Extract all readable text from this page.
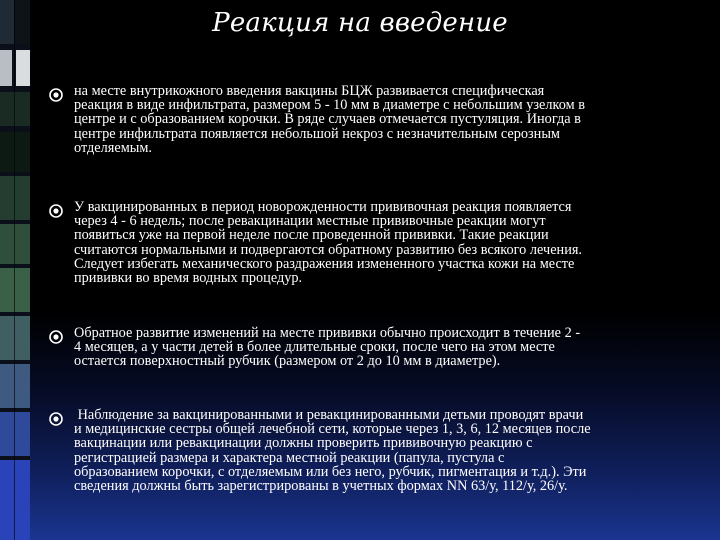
Реакция на введение
на месте внутрикожного введения вакцины БЦЖ развивается специфическая
реакция в виде инфильтрата, размером 5 - 10 мм в диаметре с небольшим узелком в
центре и с образованием корочки. В ряде случаев отмечается пустуляция. Иногда в
центре инфильтрата появляется небольшой некроз с незначительным серозным
отделяемым.
У вакцинированных в период новорожденности прививочная реакция появляется
через 4 - 6 недель; после ревакцинации местные прививочные реакции могут
появиться уже на первой неделе после проведенной прививки. Такие реакции
считаются нормальными и подвергаются обратному развитию без всякого лечения.
Следует избегать механического раздражения измененного участка кожи на месте
прививки во время водных процедур.
Обратное развитие изменений на месте прививки обычно происходит в течение 2 -
4 месяцев, а у части детей в более длительные сроки, после чего на этом месте
остается поверхностный рубчик (размером от 2 до 10 мм в диаметре).
Наблюдение за вакцинированными и ревакцинированными детьми проводят врачи
и медицинские сестры общей лечебной сети, которые через 1, 3, 6, 12 месяцев после
вакцинации или ревакцинации должны проверить прививочную реакцию с
регистрацией размера и характера местной реакции (папула, пустула с
образованием корочки, с отделяемым или без него, рубчик, пигментация и т.д.). Эти
сведения должны быть зарегистрированы в учетных формах NN 63/у, 112/у, 26/у.
